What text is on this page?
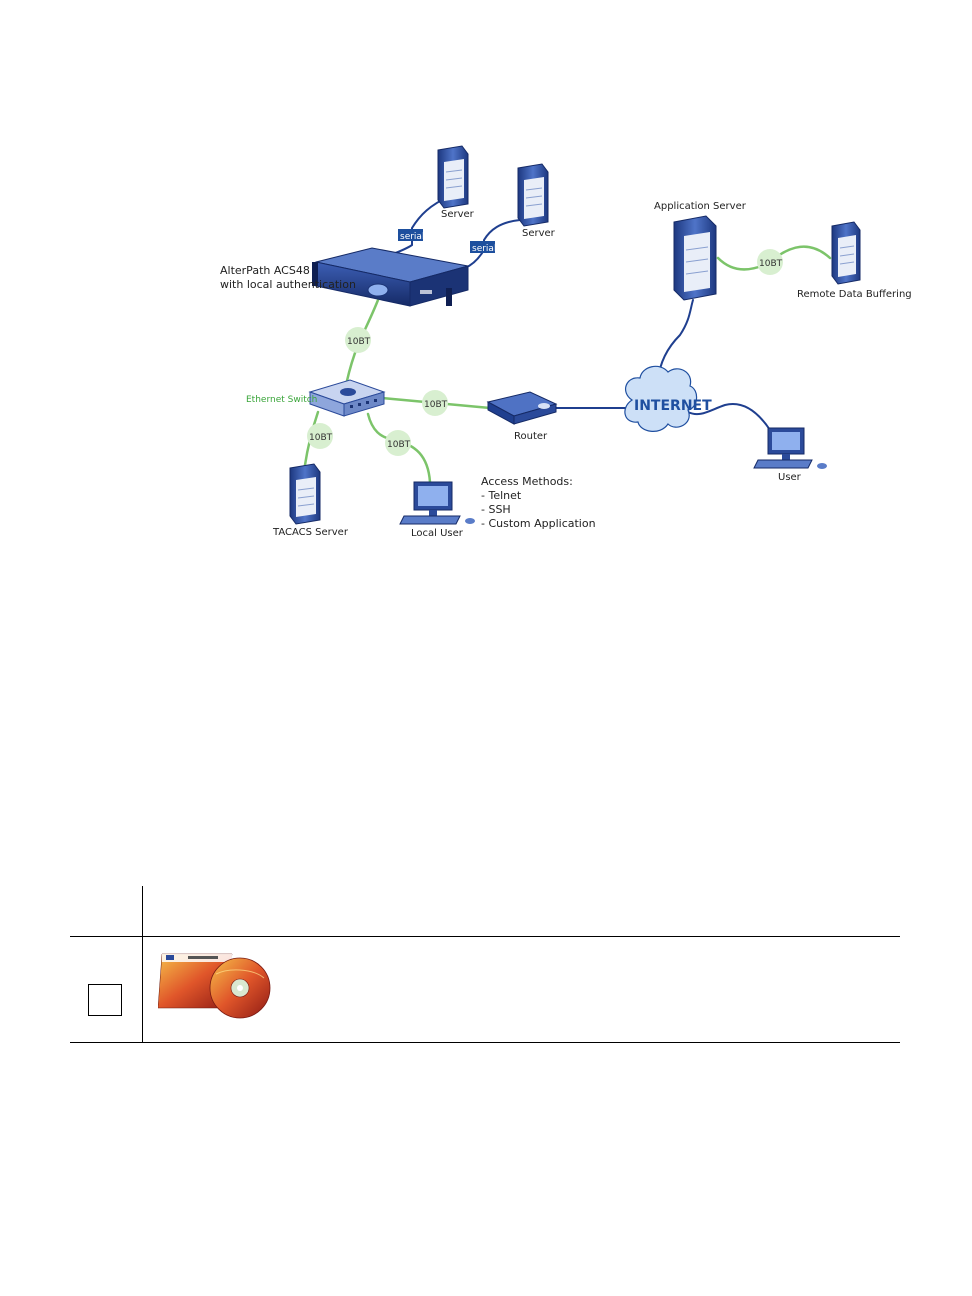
Server
Server
serial
serial
AlterPath ACS48
with local authentication
10BT
10BT
10BT
10BT
10BT
Ethernet Switch
Router
INTERNET
Application Server
Remote Data Buffering
User
TACACS Server	Local User
Access Methods:
- Telnet
- SSH
- Custom Application
